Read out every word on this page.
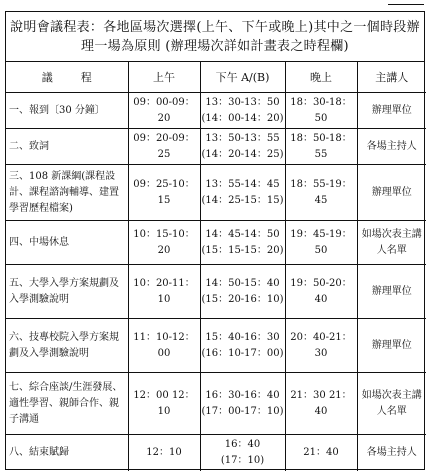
說明會議程表：各地區場次選擇(上午、下午或晚上)其中之一個時段辦
理一場為原則 (辦理場次詳如計畫表之時程欄)
議程	上午	下午 A/(B)	晚上	主講人
一、報到〔30 分鐘〕	09：00-09：20	13：30-13：50
(14：00-14：20)	18：30-18：50	辦理單位
二、致詞	09：20-09：25	13：50-13：55
(14：20-14：25)	18：50-18：55	各場主持人
三、108 新課綱(課程設計、課程諮詢輔導、建置學習歷程檔案)	09：25-10：15	13：55-14：45
(14：25-15：15)	18：55-19：45	辦理單位
四、中場休息	10：15-10：20	14：45-14：50
(15：15-15：20)	19：45-19：50	如場次表主講人名單
五、大學入學方案規劃及入學測驗說明	10：20-11：10	14：50-15：40
(15：20-16：10)	19：50-20：40	辦理單位
六、技專校院入學方案規劃及入學測驗說明	11：10-12：00	15：40-16：30
(16：10-17：00)	20：40-21：30	辦理單位
七、綜合座談/生涯發展、適性學習、親師合作、親子溝通	12：00 12：10	16：30-16：40
(17：00-17：10)	21：30 21：40	如場次表主講人名單
八、結束賦歸	12：10	16：40
(17：10)	21：40	各場主持人
